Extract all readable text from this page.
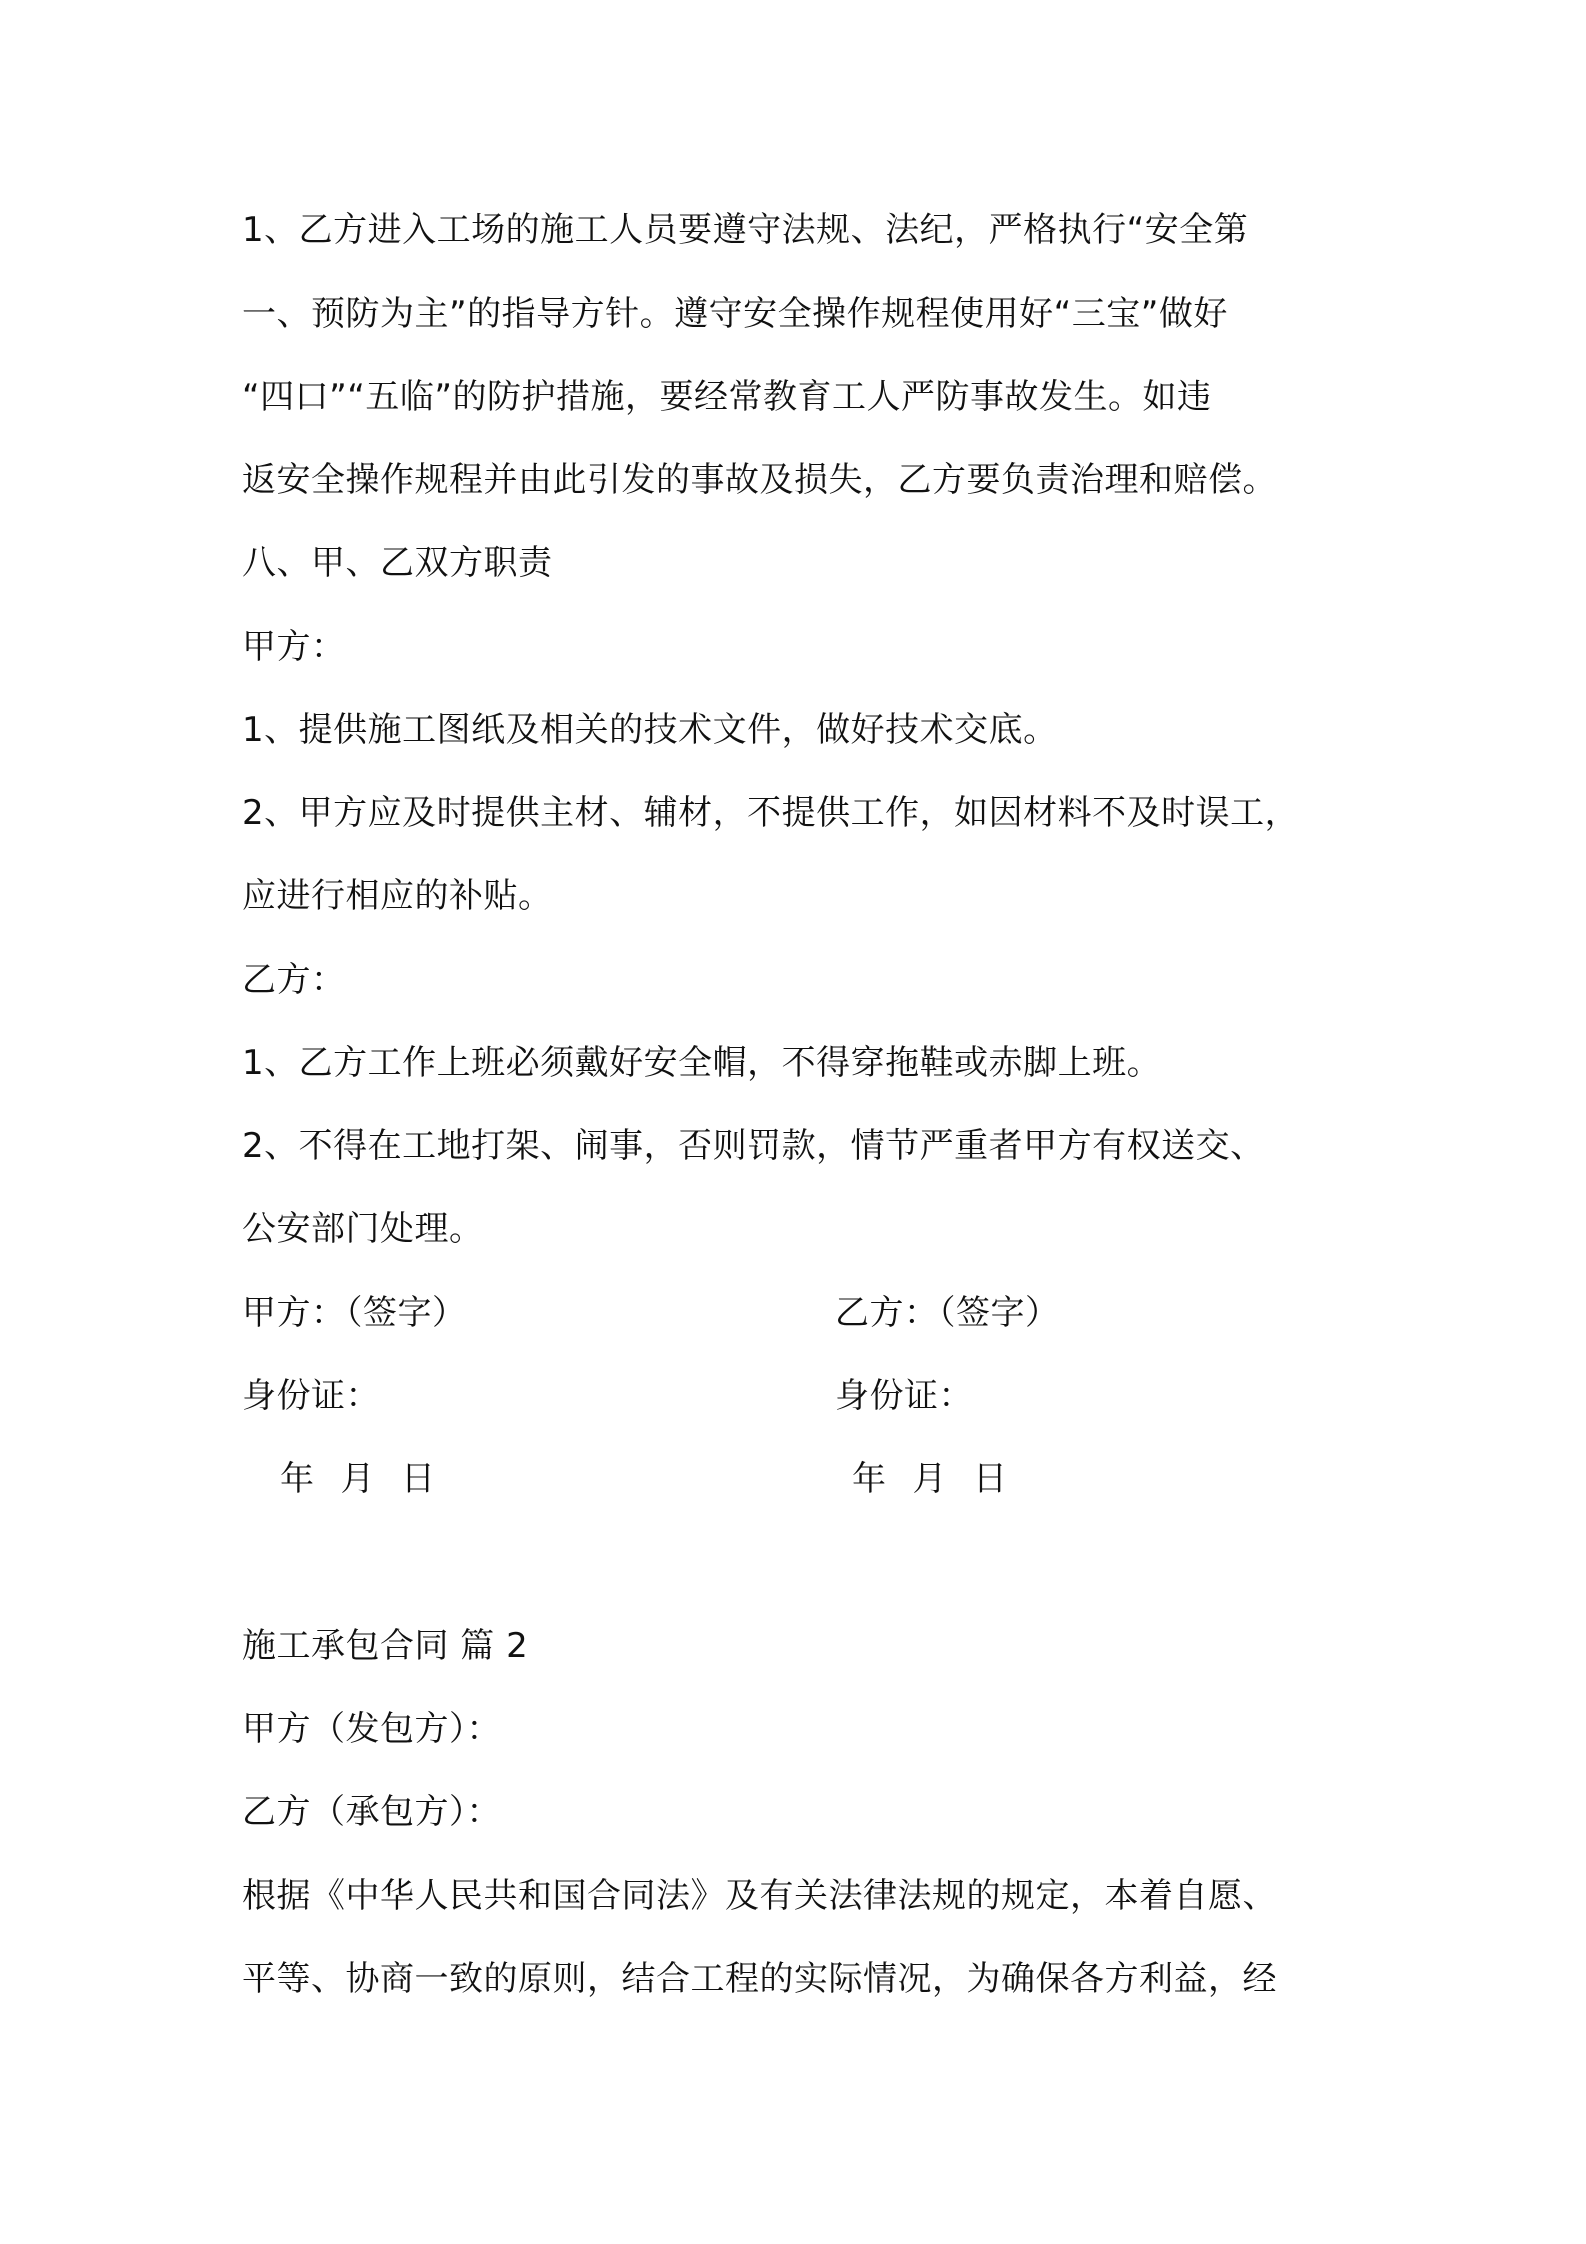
1、乙方进入工场的施工人员要遵守法规、法纪，严格执行“安全第
一、预防为主”的指导方针。遵守安全操作规程使用好“三宝”做好
“四口”“五临”的防护措施，要经常教育工人严防事故发生。如违
返安全操作规程并由此引发的事故及损失，乙方要负责治理和赔偿。
八、甲、乙双方职责
甲方：
1、提供施工图纸及相关的技术文件，做好技术交底。
2、甲方应及时提供主材、辅材，不提供工作，如因材料不及时误工，
应进行相应的补贴。
乙方：
1、乙方工作上班必须戴好安全帽，不得穿拖鞋或赤脚上班。
2、不得在工地打架、闹事，否则罚款，情节严重者甲方有权送交、
公安部门处理。
甲方：（签字）	乙方：（签字）
身份证：	身份证：
年 月 日	年 月 日
施工承包合同 篇 2
甲方（发包方）：
乙方（承包方）：
根据《中华人民共和国合同法》及有关法律法规的规定，本着自愿、
平等、协商一致的原则，结合工程的实际情况，为确保各方利益，经
